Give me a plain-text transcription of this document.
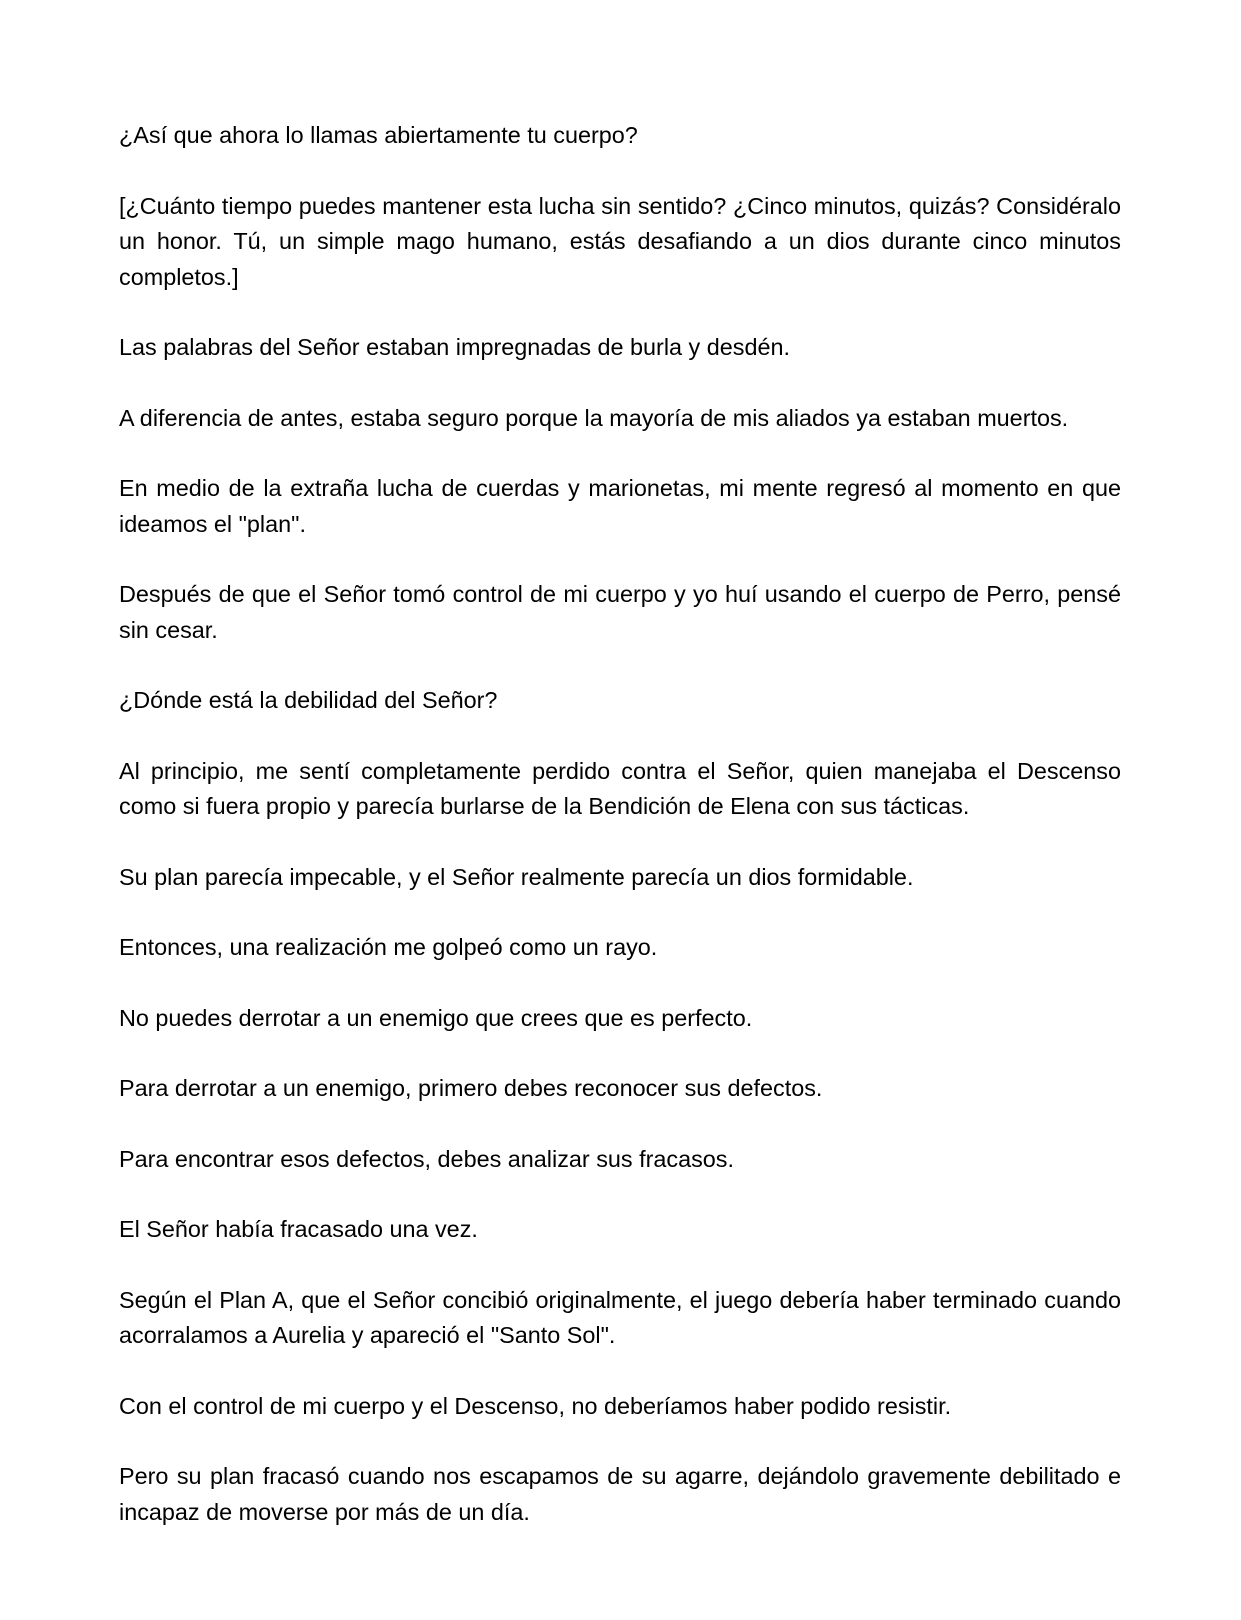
¿Así que ahora lo llamas abiertamente tu cuerpo?

[¿Cuánto tiempo puedes mantener esta lucha sin sentido? ¿Cinco minutos, quizás? Considéralo un honor. Tú, un simple mago humano, estás desafiando a un dios durante cinco minutos completos.]

Las palabras del Señor estaban impregnadas de burla y desdén.

A diferencia de antes, estaba seguro porque la mayoría de mis aliados ya estaban muertos.

En medio de la extraña lucha de cuerdas y marionetas, mi mente regresó al momento en que ideamos el "plan".

Después de que el Señor tomó control de mi cuerpo y yo huí usando el cuerpo de Perro, pensé sin cesar.

¿Dónde está la debilidad del Señor?

Al principio, me sentí completamente perdido contra el Señor, quien manejaba el Descenso como si fuera propio y parecía burlarse de la Bendición de Elena con sus tácticas.

Su plan parecía impecable, y el Señor realmente parecía un dios formidable.

Entonces, una realización me golpeó como un rayo.

No puedes derrotar a un enemigo que crees que es perfecto.

Para derrotar a un enemigo, primero debes reconocer sus defectos.

Para encontrar esos defectos, debes analizar sus fracasos.

El Señor había fracasado una vez.

Según el Plan A, que el Señor concibió originalmente, el juego debería haber terminado cuando acorralamos a Aurelia y apareció el "Santo Sol".

Con el control de mi cuerpo y el Descenso, no deberíamos haber podido resistir.

Pero su plan fracasó cuando nos escapamos de su agarre, dejándolo gravemente debilitado e incapaz de moverse por más de un día.
